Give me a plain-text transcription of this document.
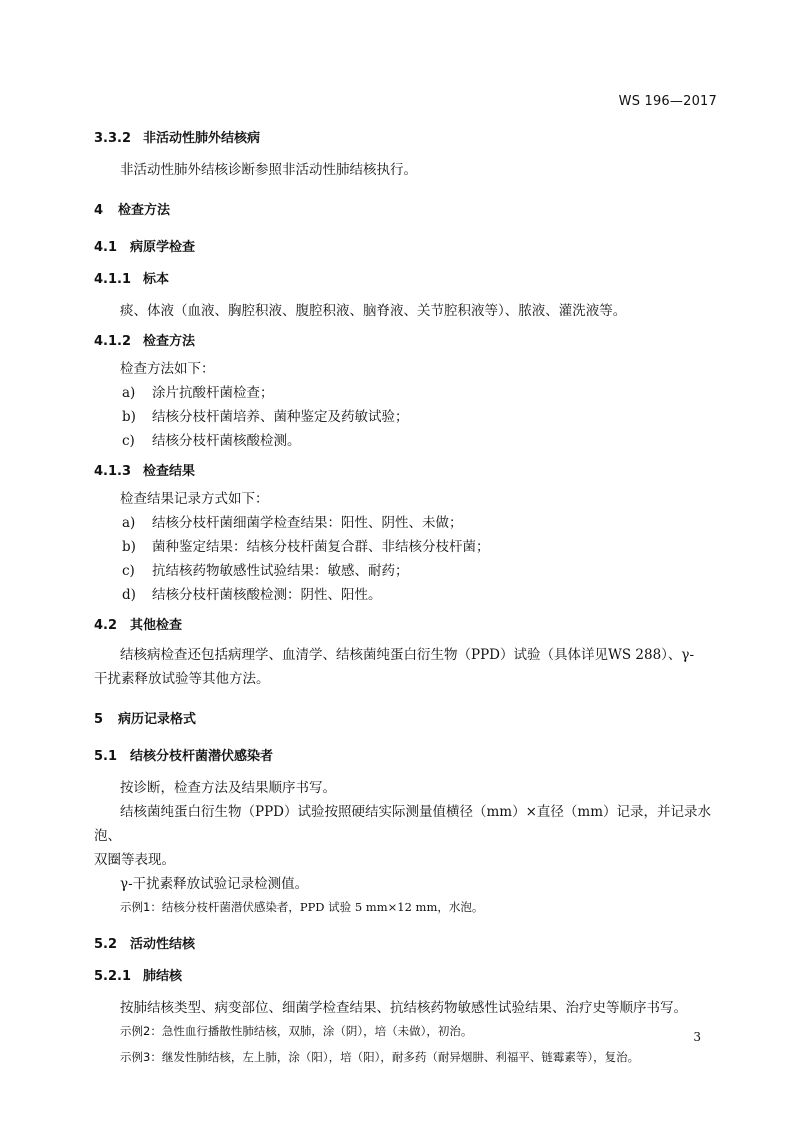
WS 196—2017
3.3.2 非活动性肺外结核病

非活动性肺外结核诊断参照非活动性肺结核执行。

4	检查方法
4.1 病原学检查
4.1.1 标本

痰、体液（血液、胸腔积液、腹腔积液、脑脊液、关节腔积液等）、脓液、灌洗液等。

4.1.2 检查方法

检查方法如下：

a)	涂片抗酸杆菌检查；
b)	结核分枝杆菌培养、菌种鉴定及药敏试验；
c)	结核分枝杆菌核酸检测。
4.1.3 检查结果

检查结果记录方式如下：

a)	结核分枝杆菌细菌学检查结果：阳性、阴性、未做；
b)	菌种鉴定结果：结核分枝杆菌复合群、非结核分枝杆菌；
c)	抗结核药物敏感性试验结果：敏感、耐药；
d)	结核分枝杆菌核酸检测：阴性、阳性。
4.2 其他检查

结核病检查还包括病理学、血清学、结核菌纯蛋白衍生物（PPD）试验（具体详见WS 288）、γ-

干扰素释放试验等其他方法。

5	病历记录格式
5.1 结核分枝杆菌潜伏感染者

按诊断，检查方法及结果顺序书写。

结核菌纯蛋白衍生物（PPD）试验按照硬结实际测量值横径（mm）×直径（mm）记录，并记录水泡、

双圈等表现。

γ-干扰素释放试验记录检测值。

示例1：结核分枝杆菌潜伏感染者，PPD 试验 5 mm×12 mm，水泡。
5.2 活动性结核
5.2.1 肺结核

按肺结核类型、病变部位、细菌学检查结果、抗结核药物敏感性试验结果、治疗史等顺序书写。

示例2：急性血行播散性肺结核，双肺，涂（阴），培（未做），初治。
示例3：继发性肺结核，左上肺，涂（阳），培（阳），耐多药（耐异烟肼、利福平、链霉素等），复治。
3
